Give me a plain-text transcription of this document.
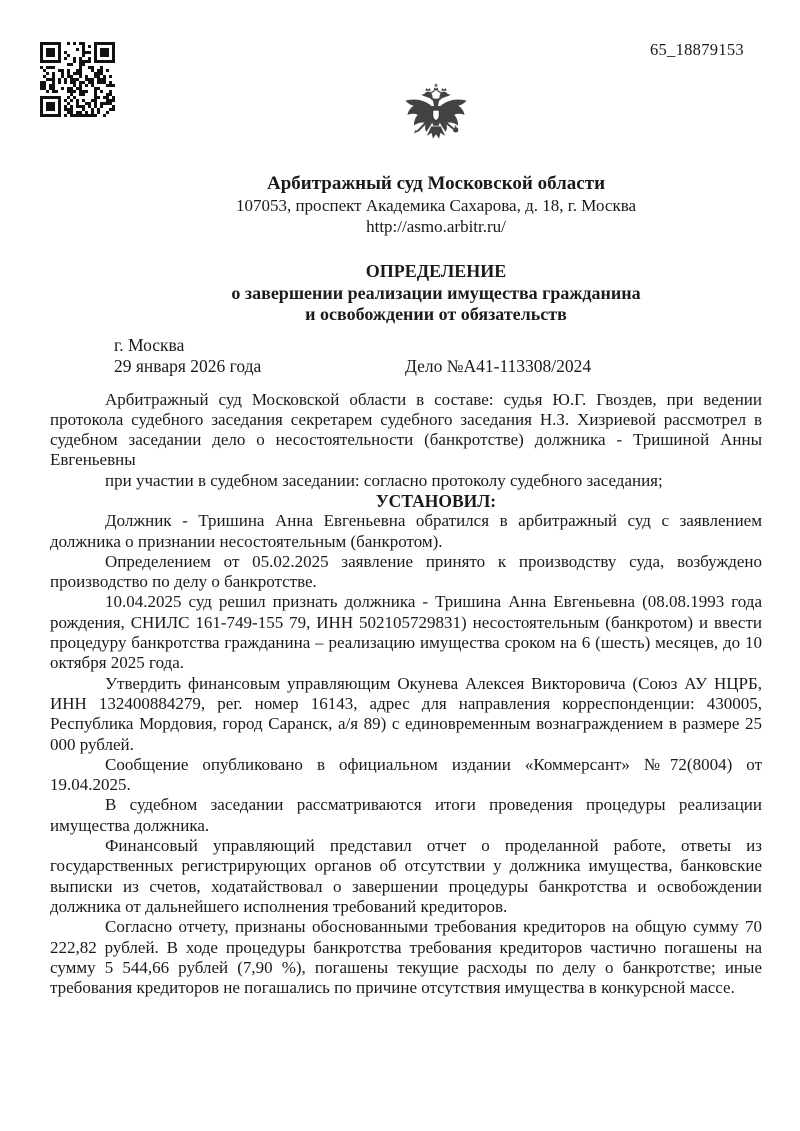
65_18879153
Арбитражный суд Московской области
107053, проспект Академика Сахарова, д. 18, г. Москва
http://asmo.arbitr.ru/
ОПРЕДЕЛЕНИЕ
о завершении реализации имущества гражданина
и освобождении от обязательств
г. Москва
29 января 2026 года	Дело №А41-113308/2024

Арбитражный суд Московской области в составе: судья Ю.Г. Гвоздев, при ведении протокола судебного заседания секретарем судебного заседания Н.З. Хизриевой рассмотрел в судебном заседании дело о несостоятельности (банкротстве) должника - Тришиной Анны Евгеньевны

при участии в судебном заседании: согласно протоколу судебного заседания;

УСТАНОВИЛ:

Должник - Тришина Анна Евгеньевна обратился в арбитражный суд с заявлением должника о признании несостоятельным (банкротом).

Определением от 05.02.2025 заявление принято к производству суда, возбуждено производство по делу о банкротстве.

10.04.2025 суд решил признать должника - Тришина Анна Евгеньевна (08.08.1993 года рождения, СНИЛС 161-749-155 79, ИНН 502105729831) несостоятельным (банкротом) и ввести процедуру банкротства гражданина – реализацию имущества сроком на 6 (шесть) месяцев, до 10 октября 2025 года.

Утвердить финансовым управляющим Окунева Алексея Викторовича (Союз АУ НЦРБ, ИНН 132400884279, рег. номер 16143, адрес для направления корреспонденции: 430005, Республика Мордовия, город Саранск, а/я 89) с единовременным вознаграждением в размере 25 000 рублей.

Сообщение опубликовано в официальном издании «Коммерсант» №72(8004) от 19.04.2025.

В судебном заседании рассматриваются итоги проведения процедуры реализации имущества должника.

Финансовый управляющий представил отчет о проделанной работе, ответы из государственных регистрирующих органов об отсутствии у должника имущества, банковские выписки из счетов, ходатайствовал о завершении процедуры банкротства и освобождении должника от дальнейшего исполнения требований кредиторов.

Согласно отчету, признаны обоснованными требования кредиторов на общую сумму 70 222,82 рублей. В ходе процедуры банкротства требования кредиторов частично погашены на сумму 5 544,66 рублей (7,90 %), погашены текущие расходы по делу о банкротстве; иные требования кредиторов не погашались по причине отсутствия имущества в конкурсной массе.
